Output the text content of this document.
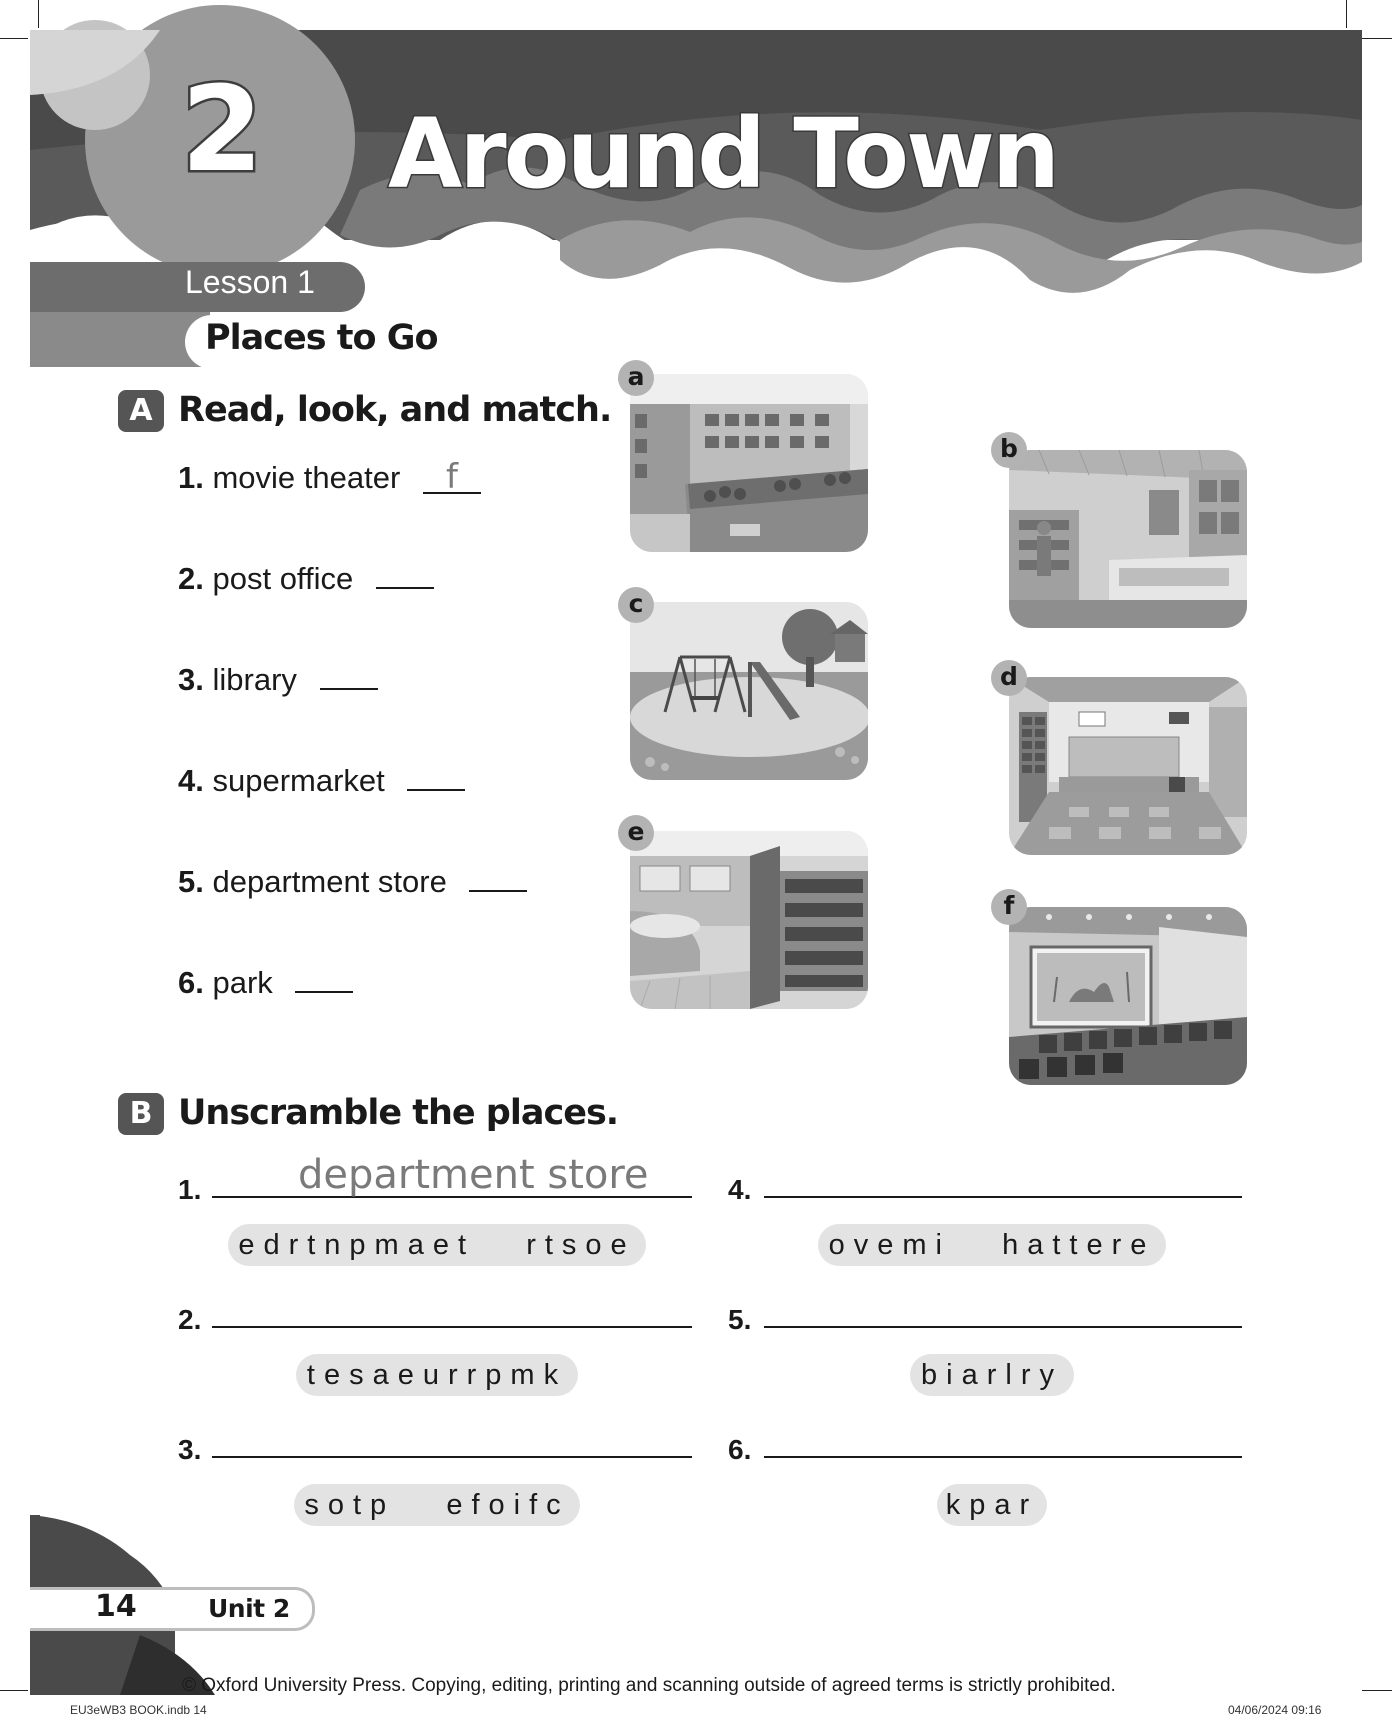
2	Around Town
Lesson 1
Places to Go
A Read, look, and match.
1. movie theater f
2. post office
3. library
4. supermarket
5. department store
6. park
a
b
c
d
e
f
B Unscramble the places.
1. department store
edrtnpmaet   rtsoe
2.
tesaeurrpmk
3.
sotp   efoifc
4.
ovemi   hattere
5.
biarlry
6.
kpar
14	Unit 2
© Oxford University Press. Copying, editing, printing and scanning outside of agreed terms is strictly prohibited.
EU3eWB3 BOOK.indb 14	04/06/2024 09:16
